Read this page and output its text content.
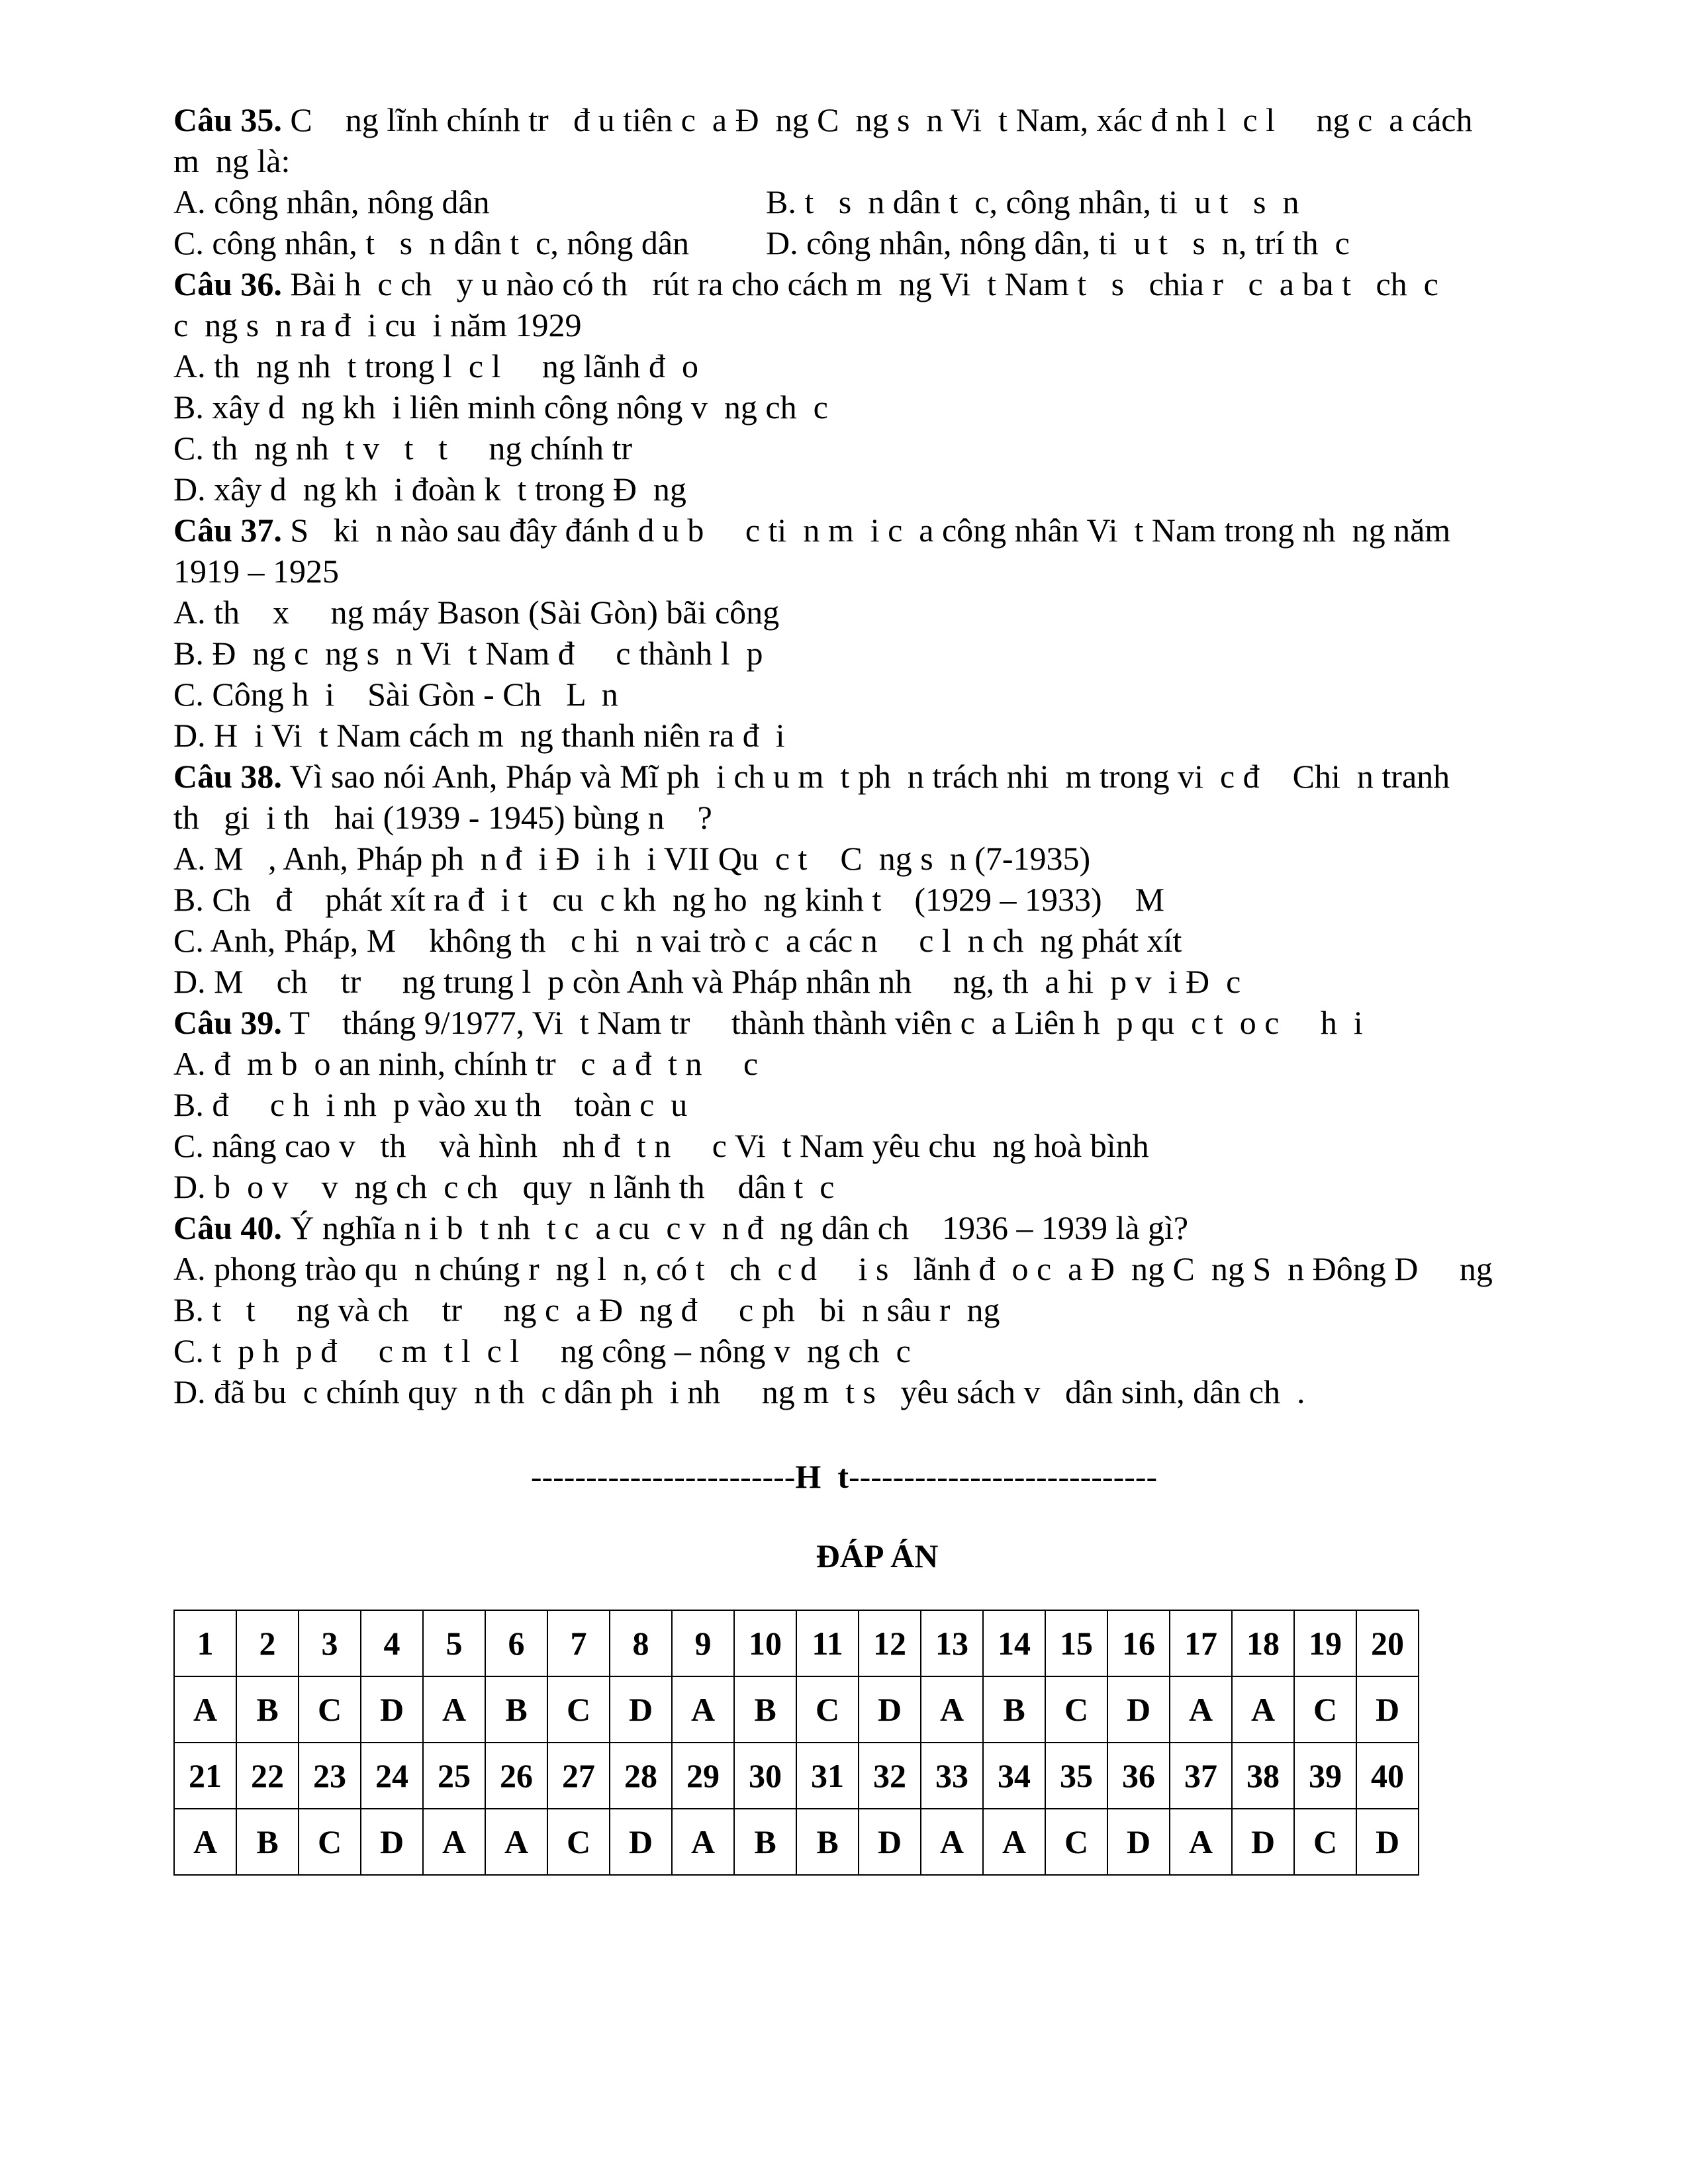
Câu 35. C    ng lĩnh chính tr   đ u tiên c  a Đ  ng C  ng s  n Vi  t Nam, xác đ nh l  c l     ng c  a cách
m  ng là:
A. công nhân, nông dân	B. t   s  n dân t  c, công nhân, ti  u t   s  n
C. công nhân, t   s  n dân t  c, nông dân D. công nhân, nông dân, ti  u t   s  n, trí th  c
Câu 36. Bài h  c ch   y u nào có th   rút ra cho cách m  ng Vi  t Nam t   s   chia r   c  a ba t   ch  c
c  ng s  n ra đ  i cu  i năm 1929
A. th  ng nh  t trong l  c l     ng lãnh đ  o
B. xây d  ng kh  i liên minh công nông v  ng ch  c
C. th  ng nh  t v   t   t     ng chính tr
D. xây d  ng kh  i đoàn k  t trong Đ  ng
Câu 37. S   ki  n nào sau đây đánh d u b     c ti  n m  i c  a công nhân Vi  t Nam trong nh  ng năm
1919 – 1925
A. th    x     ng máy Bason (Sài Gòn) bãi công
B. Đ  ng c  ng s  n Vi  t Nam đ     c thành l  p
C. Công h  i    Sài Gòn - Ch   L  n
D. H  i Vi  t Nam cách m  ng thanh niên ra đ  i
Câu 38. Vì sao nói Anh, Pháp và Mĩ ph  i ch u m  t ph  n trách nhi  m trong vi  c đ    Chi  n tranh
th   gi  i th   hai (1939 - 1945) bùng n    ?
A. M   , Anh, Pháp ph  n đ  i Đ  i h  i VII Qu  c t    C  ng s  n (7-1935)
B. Ch   đ    phát xít ra đ  i t   cu  c kh  ng ho  ng kinh t    (1929 – 1933)    M
C. Anh, Pháp, M    không th   c hi  n vai trò c  a các n     c l  n ch  ng phát xít
D. M    ch    tr     ng trung l  p còn Anh và Pháp nhân nh     ng, th  a hi  p v  i Đ  c
Câu 39. T    tháng 9/1977, Vi  t Nam tr     thành thành viên c  a Liên h  p qu  c t  o c     h  i
A. đ  m b  o an ninh, chính tr   c  a đ  t n     c
B. đ     c h  i nh  p vào xu th    toàn c  u
C. nâng cao v   th    và hình   nh đ  t n     c Vi  t Nam yêu chu  ng hoà bình
D. b  o v    v  ng ch  c ch   quy  n lãnh th    dân t  c
Câu 40. Ý nghĩa n i b  t nh  t c  a cu  c v  n đ  ng dân ch    1936 – 1939 là gì?
A. phong trào qu  n chúng r  ng l  n, có t   ch  c d     i s   lãnh đ  o c  a Đ  ng C  ng S  n Đông D     ng
B. t   t     ng và ch    tr     ng c  a Đ  ng đ     c ph   bi  n sâu r  ng
C. t  p h  p đ     c m  t l  c l     ng công – nông v  ng ch  c
D. đã bu  c chính quy  n th  c dân ph  i nh     ng m  t s   yêu sách v   dân sinh, dân ch  .
------------------------H  t----------------------------
ĐÁP ÁN
1	2	3	4	5	6	7	8	9	10	11	12	13	14	15	16	17	18	19	20
A	B	C	D	A	B	C	D	A	B	C	D	A	B	C	D	A	A	C	D
21	22	23	24	25	26	27	28	29	30	31	32	33	34	35	36	37	38	39	40
A	B	C	D	A	A	C	D	A	B	B	D	A	A	C	D	A	D	C	D
